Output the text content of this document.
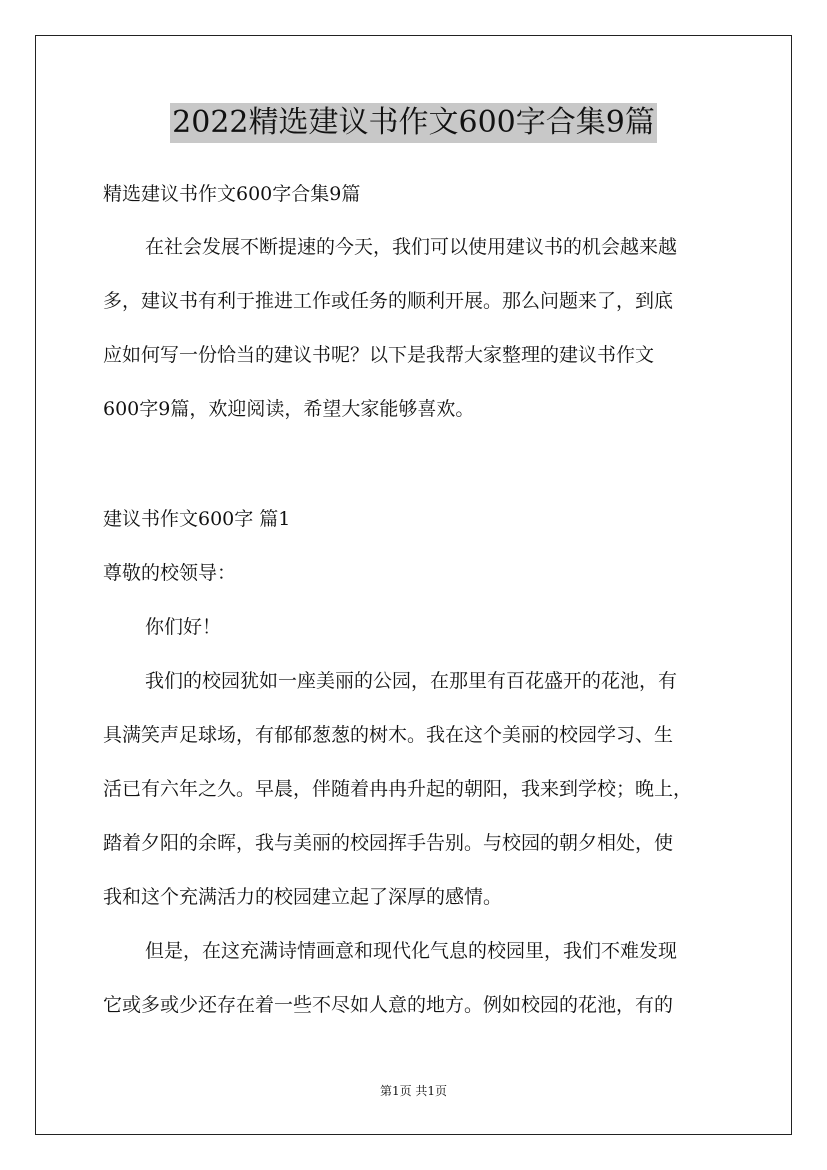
2022精选建议书作文600字合集9篇
精选建议书作文600字合集9篇
在社会发展不断提速的今天，我们可以使用建议书的机会越来越
多，建议书有利于推进工作或任务的顺利开展。那么问题来了，到底
应如何写一份恰当的建议书呢？以下是我帮大家整理的建议书作文
600字9篇，欢迎阅读，希望大家能够喜欢。
建议书作文600字 篇1
尊敬的校领导：
你们好！
我们的校园犹如一座美丽的公园，在那里有百花盛开的花池，有
具满笑声足球场，有郁郁葱葱的树木。我在这个美丽的校园学习、生
活已有六年之久。早晨，伴随着冉冉升起的朝阳，我来到学校；晚上，
踏着夕阳的余晖，我与美丽的校园挥手告别。与校园的朝夕相处，使
我和这个充满活力的校园建立起了深厚的感情。
但是，在这充满诗情画意和现代化气息的校园里，我们不难发现
它或多或少还存在着一些不尽如人意的地方。例如校园的花池，有的
第1页 共1页
